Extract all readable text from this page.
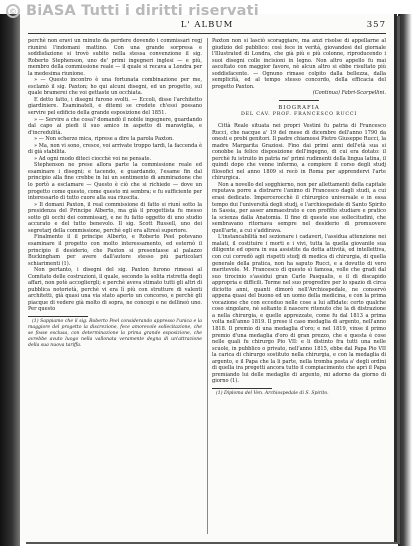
© BiASA Tutti i diritti riservati
L' ALBUM	357

perchè non eravi un minuto da perdere dovendo i commissari regj riunirsi l'indomani mattino. Con una grande sorpresa e soddisfazione si trovò subito nella stessa convenzione il sig. Roberto Stephenson, uno de' primi ingegneri inglesi — e più, membro della commissione reale — il quale si recava a Londra per la medesima riunione.

» — Questo incontro è una fortunata combinazione per me, esclamò il sig. Paxton; ho qui alcuni disegni, ed un progetto, sul quale bramerei che voi gettaste un occhiata.

E detto fatto, i disegni furono svolti. — Eccoli, disse l'architetto giardiniere. Esaminateli, e ditemi se credete ch'essi possano servire pel edificio della grande esposizione del 1851.

» — Servire a che cosa? domandò il nobile ingegnere, guardando dal capo ai piedi il suo amico in aspetto di maraviglia, e d'incredulità.

» — Non scherzo mica, riprese a dire la parola Paxton.

» Ma, non vi sono, cresce, voi arrivate troppo tardi, la faccenda è di già stabilita.

» Ad ogni modo diteci ciocchè voi ne pensate.

Stephenson ne prese allora parte la commissione reale ed esaminare i disegni; e tacendo, e guardando, l'esame fin dal principio alla fine crebbe in lui un sentimento di ammirazione che lo portò a esclamare — Questo è ciò che si richiede — dove un progetto come questo, come questo mi sembra; e fu sufficiente per interessarlo di tutto cuore alla sua riuscita.

» Il domani Paxton, il real commissione di fatto si riunì sotto la presidenza del Principe Alberto, ma già il progettista fu messo sotto gli occhi dei commissarj, e ne fu fatto oggetto di uno studio accurato e del tutto benevolo. Il sig. Scott Russell, uno dei segretarj della commissione, perchè egli era altresì superiore.

Finalmente il il principe Alberto, e Roberto Peel potevano esaminare il progetto con molto interessamento, ed esternò il principio il desiderio, che Paxton si presentasse al palazzo Buckingham per avere dall'autore stesso più particolari schiarimenti (1).

Non pertanto, i disegni del sig. Paxton furono rimessi al Comitato delle costruzioni, il quale, secondo la solita ristretta degli affari, non potè accogliergli; e perchè aveva stimato tutti gli altri di pubblica notorietà, perchè vi era lì più con strutture di valenti architetti, già quasi una via stato aperto un concorso, e perchè gli piacque di vedere già molto di sopra, ne concepì e ne dellineò uno. Per questo

(1) Sappiamo che il sig. Roberto Peel considerando appresso l'unica e la maggiore del progetto la discrezione, fece amorevole sollecitazione, che se fosse esclusa, con determinazione la prima grande esposizione, che avrebbe avuto luogo nella vallonata veramente degna di un'attrazione della sua nuova tariffa.

Paxton non si lasciò scoraggiare, ma anzi risolse di appellarne al giudizio del pubblico: così fece in veritá, giovandosi del giornale l'Illustrated di Londra, che già più e più colonne, riproducendo i suoi disegni colle incisioni in legno. Non altro appello fu mai ascoltato con maggior favore, nè alcun altro si ebbe risultato più soddisfacente. — Ognuno rimase colpito dalla bellezza, dalla semplicità, ed al tempo stesso concordo, della efficacia del progetto Paxton.

(Continua) Fabri-Scarpellini.

BIOGRAFIA

DEL CAV. PROF. FRANCESCO RUCCI

Città Reale situata nei propri Vestini fu patria di Francesco Rucci, che nacque a' 19 del mese di dicembre dell'anno 1790 da onesti e probi genitori. Il padre chiamossi Pietro Giuseppe Rucci, la madre Margarita Graziosi. Fino dai primi anni dell'età sua si conobbe la felice disposizione dell'ingegno, di cui era dotato: il perchè fu istruito in patria ne' primi rudimenti della lingua latina, il quindi dopo che venne infermo, a compiere il corso degli studj filosofici nel anno 1809 si recò in Roma per apprendervi l'arte chirurgica.

Non a novello del sogghierno, non per allettamenti della capitale reputava porre a distrarre l'animo di Francesco dagli studi, a cui erasi dedicato. Impercerocchè il chirurgico universale e in essa tempo dui l'università degli studj, e l'archiospedale di Santo Spirito in Sassia, per asser ammaestrato e con profitto studiare e pratico la scienza dalla Anatomia. Il fine di queste sue sollecitudini, che sembravano ritornava sempre nel desiderio di promuovere quell'arte, a cui s'addirava.

L'instancabilità nel sezionare i cadaveri, l'assidua attenzione nei malati, il costituire i morti e i vivi, tutta la quella giovanile sua diligente ed opera in sua assistite da dotta attività, ed intellettiva, con cui corredò agli rispetti studj di medica di chirurgia, di quella generale della pratica, non ha saputo Rucci, e a dovutto di vero meritevole. M. Francesco di questo sì famosa, volle che gradi dal suo tirocinio s'assidui gran Carlo Pasqualis, e il di discapido appropria e difficili. Terme nel suo progredire per lo spazio di circa diciotto anni, quanti dimorò nell'Archiospedale, ne conservò appena quasi del buono ed un uomo della medicina, e con la prima vocazione che con ecceduo nelle cose a lui affidate: certo qualche coso singolare, nè soltanto il nascere ritenuto che la di distrazione a nella chirurgia, e quelle apprezzate, come fu dal 1813 a prima volta nell'anno 1819. Il prese il caso medaglia di argento, nell'anno 1818. Il premio di una medaglia d'oro; e nel 1819, vinse il primo premio d'una medaglia d'oro di gran prezzo, che e questa è cose nelle quali fu chirurgo Pio VII: e li distinto fra tutti una nelle scuole, in pubblico o privato, nell'anno 1815, ebbe dal Papa Pio VII la carica di chirurgo sostituto nella chirurgia, e con la medaglia di argento, e il Papa che la li parte, nella tromba posta a' degli ordini di quella ira pregetti ancora tutto il compiacimento che aprì il Papa premiando lui delle medaglie di argento, mi adorno da giorno di giorno (1).

(1) Diploma del Ven. Archiospedale di S. Spirito.
